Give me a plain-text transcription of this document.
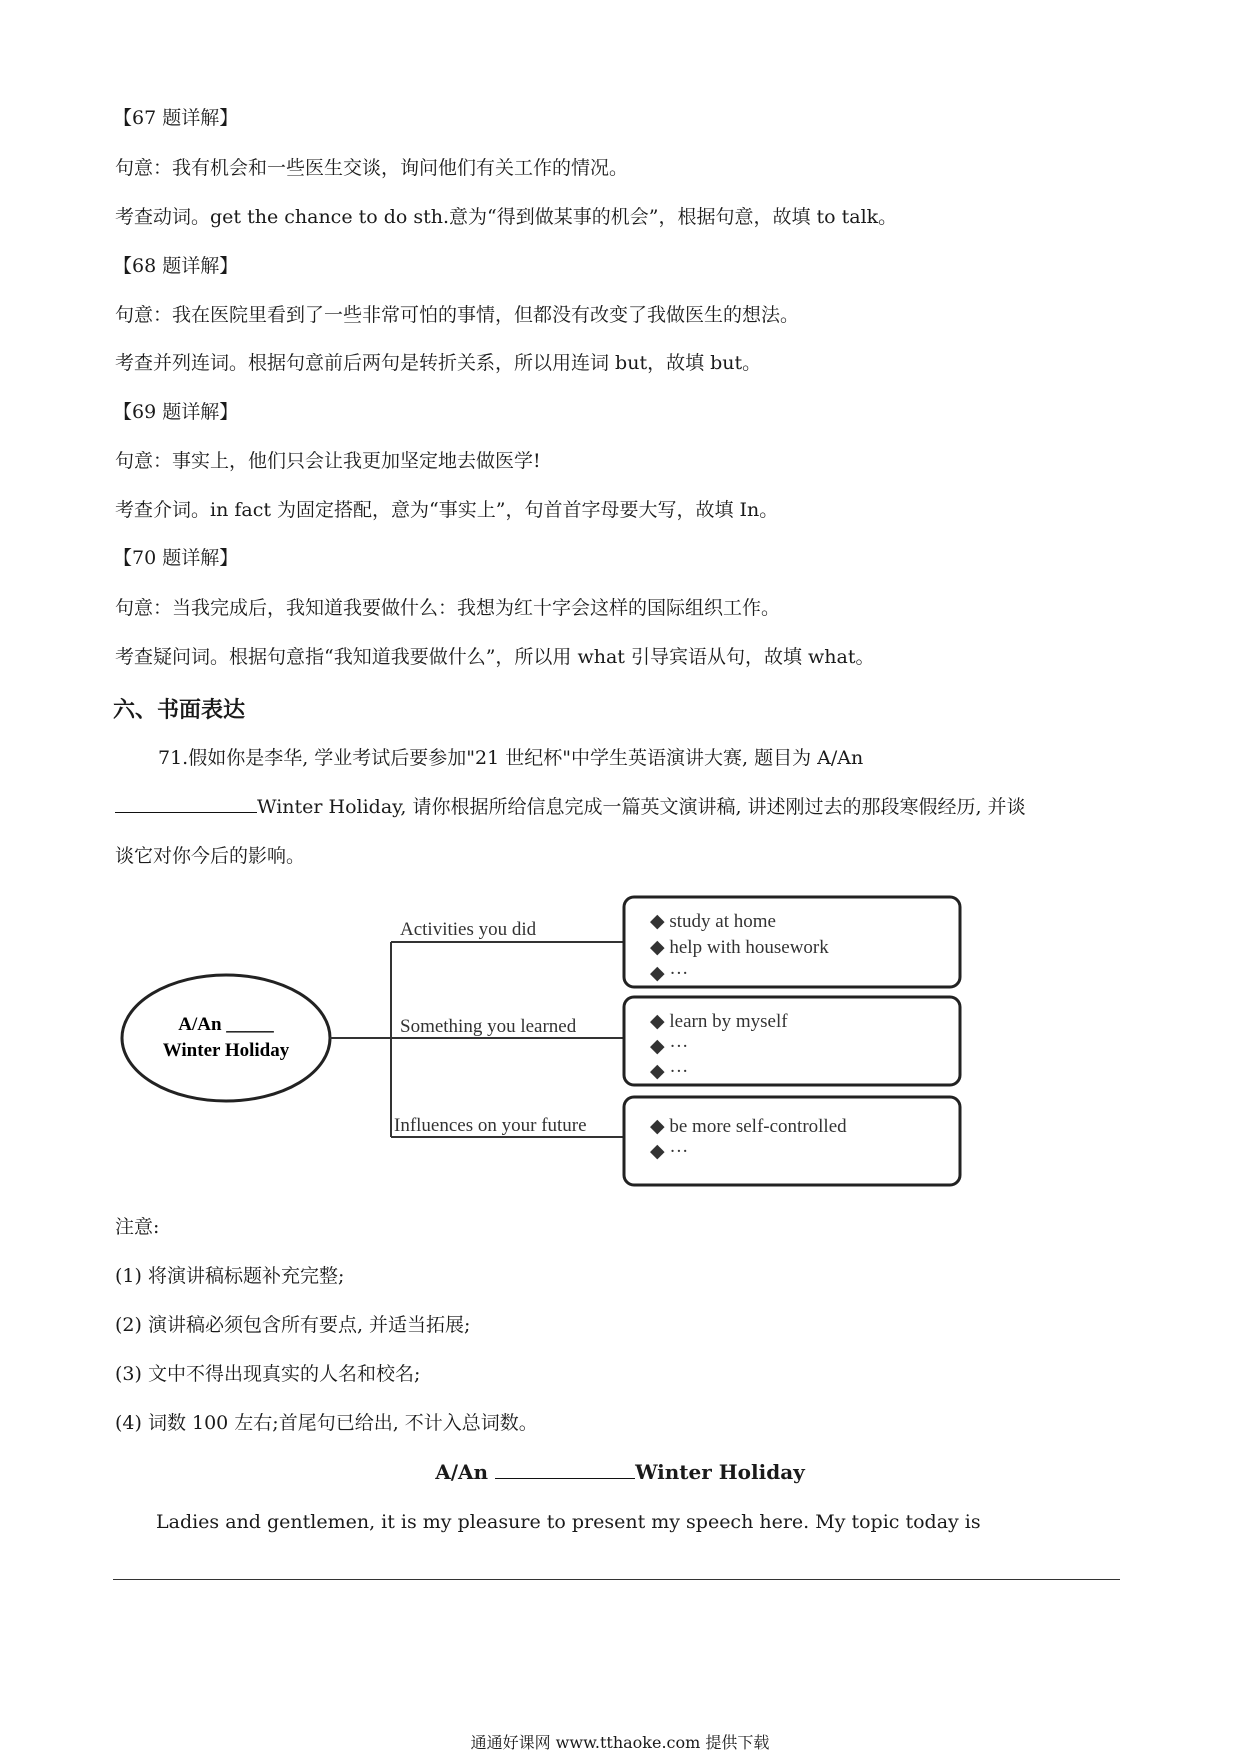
【67 题详解】
句意：我有机会和一些医生交谈，询问他们有关工作的情况。
考查动词。get the chance to do sth.意为“得到做某事的机会”，根据句意，故填 to talk。
【68 题详解】
句意：我在医院里看到了一些非常可怕的事情，但都没有改变了我做医生的想法。
考查并列连词。根据句意前后两句是转折关系，所以用连词 but，故填 but。
【69 题详解】
句意：事实上，他们只会让我更加坚定地去做医学!
考查介词。in fact 为固定搭配，意为“事实上”，句首首字母要大写，故填 In。
【70 题详解】
句意：当我完成后，我知道我要做什么：我想为红十字会这样的国际组织工作。
考查疑问词。根据句意指“我知道我要做什么”，所以用 what 引导宾语从句，故填 what。
六、书面表达
71.假如你是李华, 学业考试后要参加"21 世纪杯"中学生英语演讲大赛, 题目为 A/An
Winter Holiday, 请你根据所给信息完成一篇英文演讲稿, 讲述刚过去的那段寒假经历, 并谈
谈它对你今后的影响。
A/An _____
Winter Holiday
Activities you did	◆ study at home
◆ help with housework
◆ ···
Something you learned	◆ learn by myself
◆ ···
◆ ···
Influences on your future	◆ be more self-controlled
◆ ···
注意:
(1) 将演讲稿标题补充完整;
(2) 演讲稿必须包含所有要点, 并适当拓展;
(3) 文中不得出现真实的人名和校名;
(4) 词数 100 左右;首尾句已给出, 不计入总词数。
A/An	Winter Holiday
Ladies and gentlemen, it is my pleasure to present my speech here. My topic today is
通通好课网 www.tthaoke.com 提供下载
